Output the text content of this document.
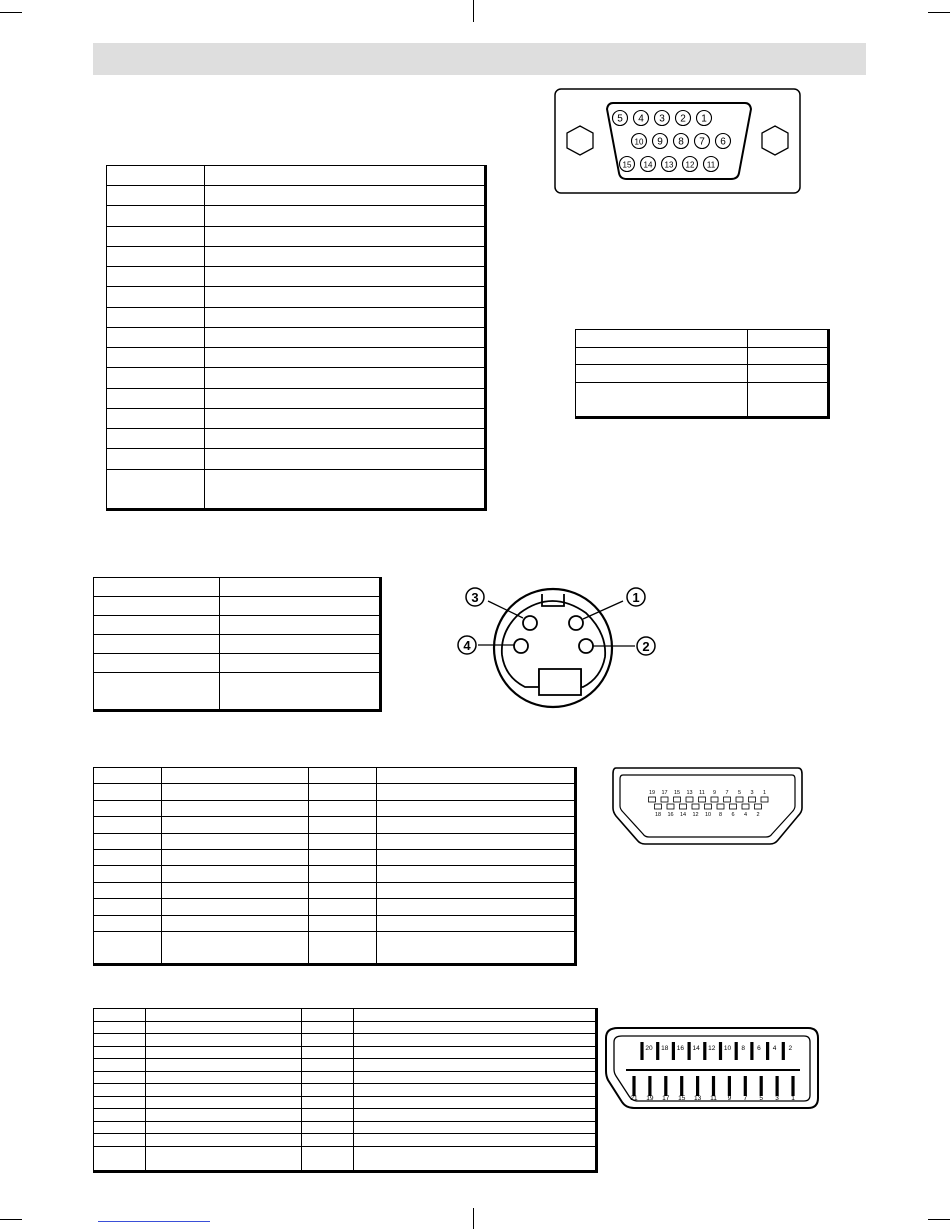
5 4 3 2 1
10 9 8 7 6
15 14 13 12 11
1
2
3
4
19 17 15 13 11 9 7 5 3 1
18 16 14 12 10 8 6 4 2
20 18 16 14 12 10 8 6 4 2
21 19 17 15 13 11 9 7 5 3 1
